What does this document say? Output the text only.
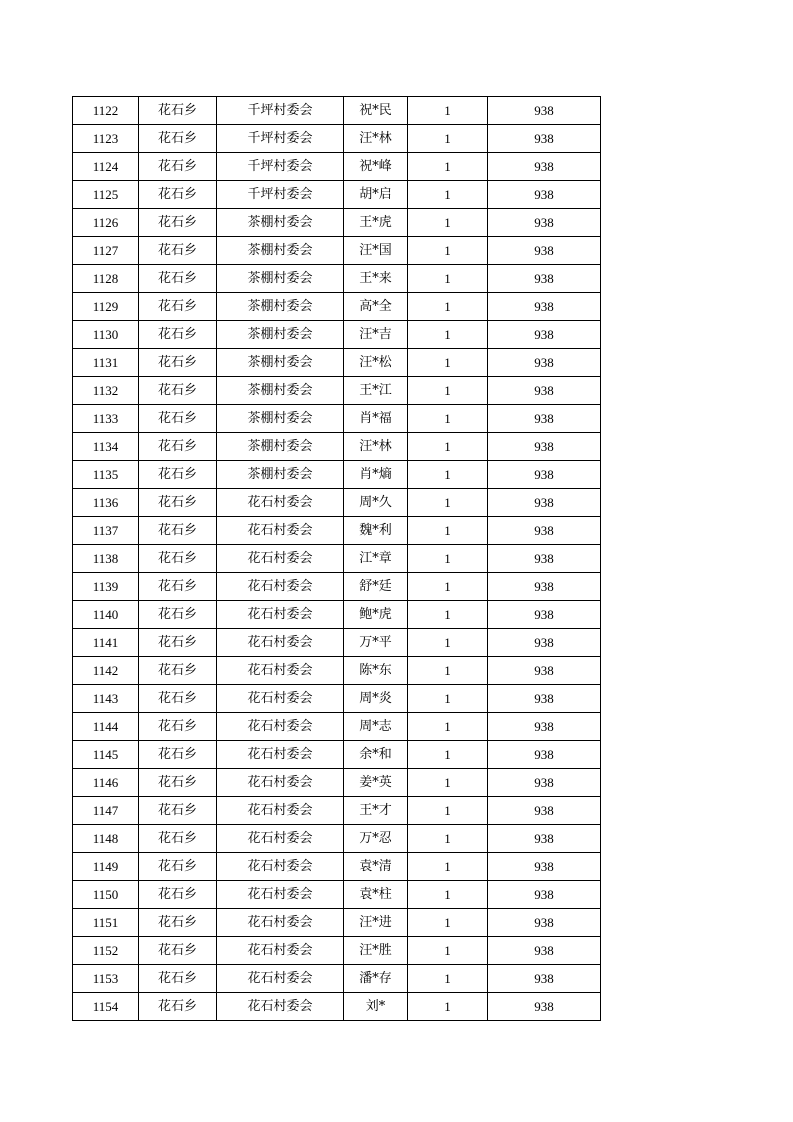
1122	花石乡	千坪村委会	祝*民	1	938
1123	花石乡	千坪村委会	汪*林	1	938
1124	花石乡	千坪村委会	祝*峰	1	938
1125	花石乡	千坪村委会	胡*启	1	938
1126	花石乡	茶棚村委会	王*虎	1	938
1127	花石乡	茶棚村委会	汪*国	1	938
1128	花石乡	茶棚村委会	王*来	1	938
1129	花石乡	茶棚村委会	高*全	1	938
1130	花石乡	茶棚村委会	汪*吉	1	938
1131	花石乡	茶棚村委会	汪*松	1	938
1132	花石乡	茶棚村委会	王*江	1	938
1133	花石乡	茶棚村委会	肖*福	1	938
1134	花石乡	茶棚村委会	汪*林	1	938
1135	花石乡	茶棚村委会	肖*熵	1	938
1136	花石乡	花石村委会	周*久	1	938
1137	花石乡	花石村委会	魏*利	1	938
1138	花石乡	花石村委会	江*章	1	938
1139	花石乡	花石村委会	舒*廷	1	938
1140	花石乡	花石村委会	鲍*虎	1	938
1141	花石乡	花石村委会	万*平	1	938
1142	花石乡	花石村委会	陈*东	1	938
1143	花石乡	花石村委会	周*炎	1	938
1144	花石乡	花石村委会	周*志	1	938
1145	花石乡	花石村委会	余*和	1	938
1146	花石乡	花石村委会	姜*英	1	938
1147	花石乡	花石村委会	王*才	1	938
1148	花石乡	花石村委会	万*忍	1	938
1149	花石乡	花石村委会	袁*清	1	938
1150	花石乡	花石村委会	袁*柱	1	938
1151	花石乡	花石村委会	汪*进	1	938
1152	花石乡	花石村委会	汪*胜	1	938
1153	花石乡	花石村委会	潘*存	1	938
1154	花石乡	花石村委会	刘*	1	938
